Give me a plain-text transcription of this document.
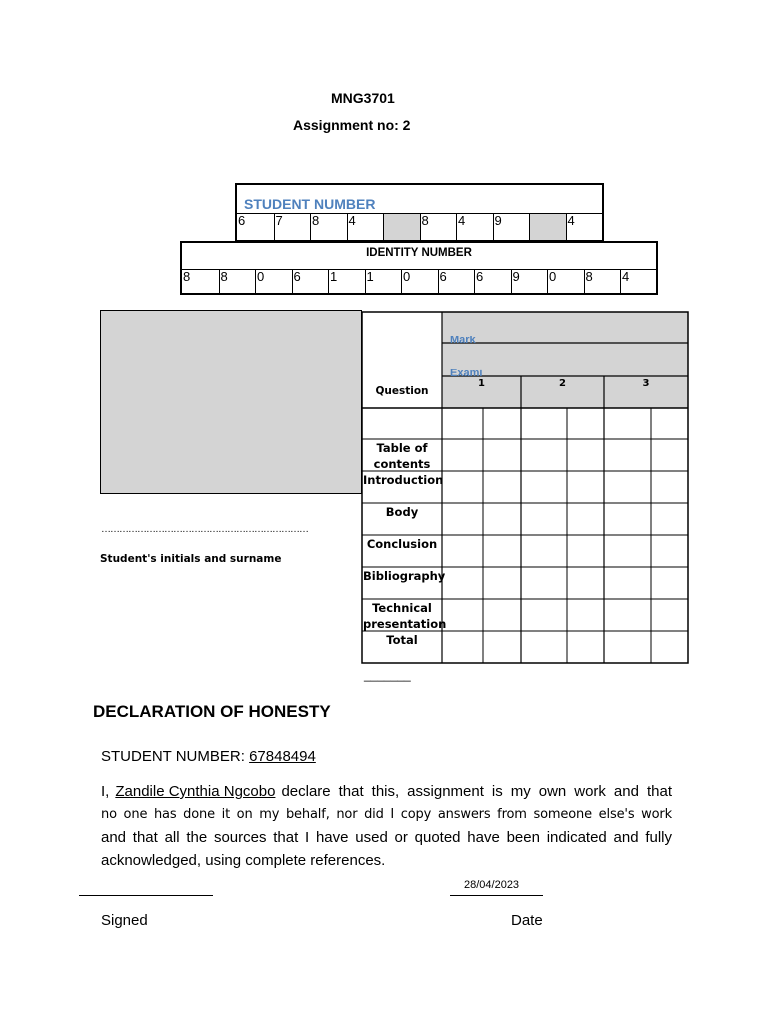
MNG3701
Assignment no: 2
STUDENT NUMBER
6	7	8	4	8	4	9	4
IDENTITY NUMBER
8	8	0	6	1	1	0	6	6	9	0	8	4
……………………………………………………………
Student's initials and surname
Mark
Exami
Question
1	2	3
Table of contents
Introduction
Body
Conclusion
Bibliography
Technical presentation
Total
_______
DECLARATION OF HONESTY
STUDENT NUMBER: 67848494
I, Zandile Cynthia Ngcobo declare that this, assignment is my own work and that
no one has done it on my behalf, nor did I copy answers from someone else's work
and that all the sources that I have used or quoted have been indicated and fully
acknowledged, using complete references.
28/04/2023
Signed	Date
